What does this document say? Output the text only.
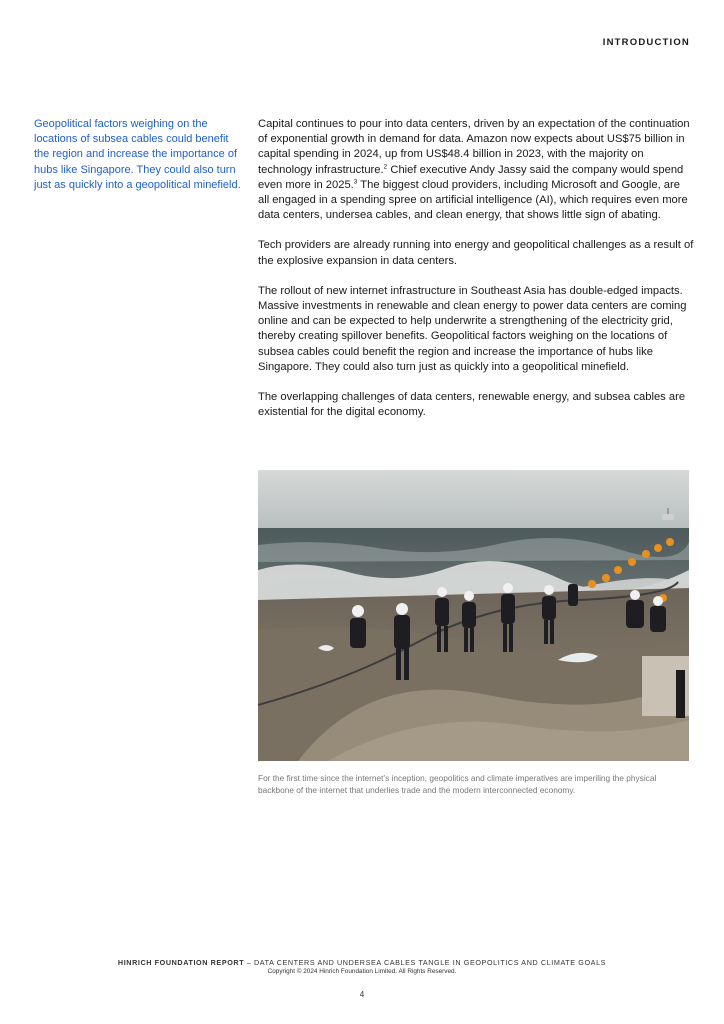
INTRODUCTION
Geopolitical factors weighing on the locations of subsea cables could benefit the region and increase the importance of hubs like Singapore. They could also turn just as quickly into a geopolitical minefield.

Capital continues to pour into data centers, driven by an expectation of the continuation of exponential growth in demand for data. Amazon now expects about US$75 billion in capital spending in 2024, up from US$48.4 billion in 2023, with the majority on technology infrastructure.$^2$ Chief executive Andy Jassy said the company would spend even more in 2025.$^3$ The biggest cloud providers, including Microsoft and Google, are all engaged in a spending spree on artificial intelligence (AI), which requires even more data centers, undersea cables, and clean energy, that shows little sign of abating.

Tech providers are already running into energy and geopolitical challenges as a result of the explosive expansion in data centers.

The rollout of new internet infrastructure in Southeast Asia has double-edged impacts. Massive investments in renewable and clean energy to power data centers are coming online and can be expected to help underwrite a strengthening of the electricity grid, thereby creating spillover benefits. Geopolitical factors weighing on the locations of subsea cables could benefit the region and increase the importance of hubs like Singapore. They could also turn just as quickly into a geopolitical minefield.

The overlapping challenges of data centers, renewable energy, and subsea cables are existential for the digital economy.

For the first time since the internet’s inception, geopolitics and climate imperatives are imperiling the physical backbone of the internet that underlies trade and the modern interconnected economy.
HINRICH FOUNDATION REPORT – DATA CENTERS AND UNDERSEA CABLES TANGLE IN GEOPOLITICS AND CLIMATE GOALS
Copyright © 2024 Hinrich Foundation Limited. All Rights Reserved.
4
